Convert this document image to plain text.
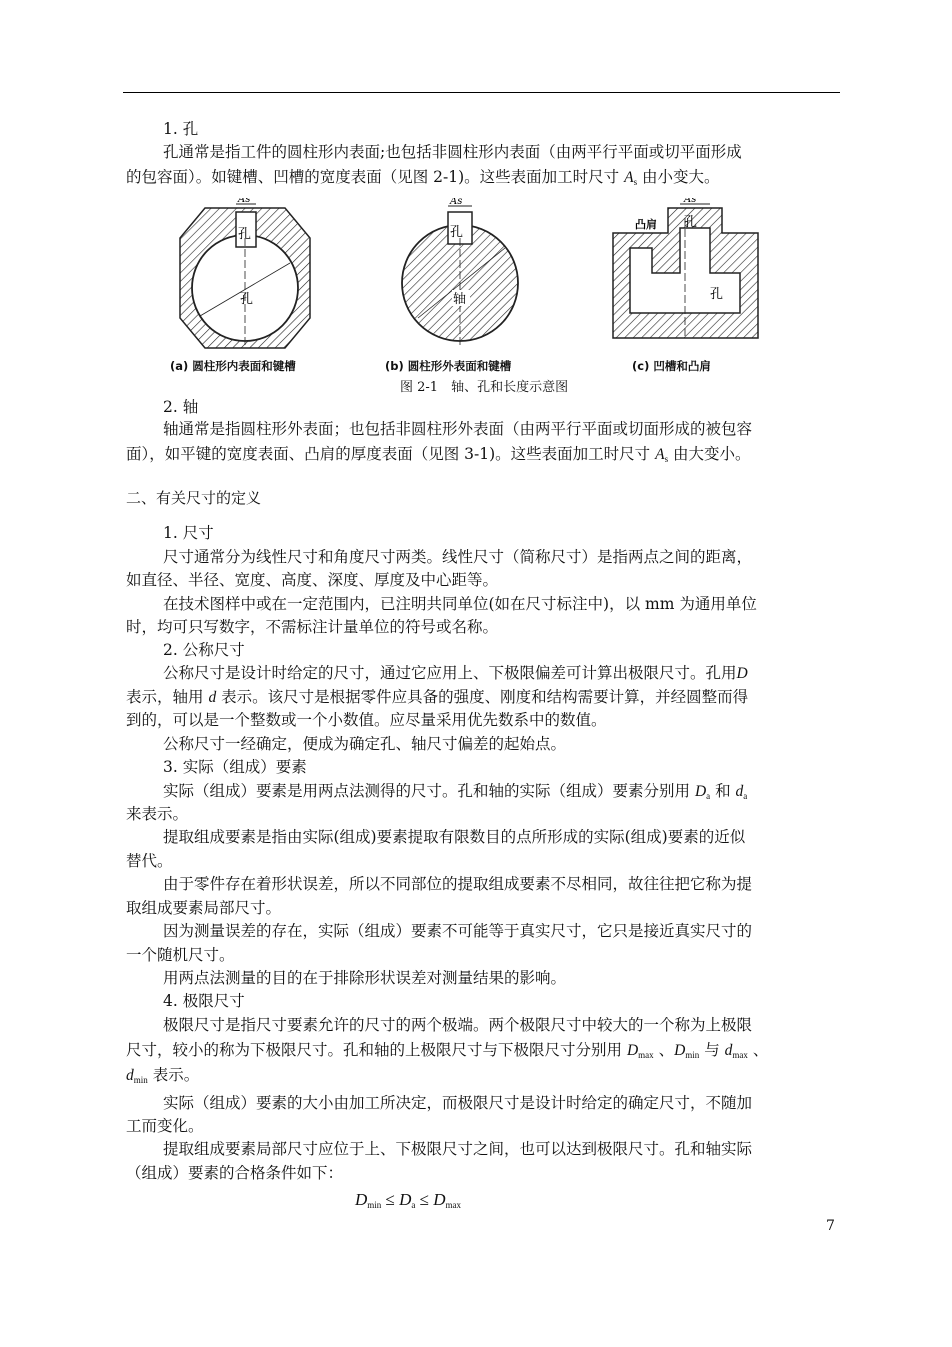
1. 孔
孔通常是指工件的圆柱形内表面;也包括非圆柱形内表面（由两平行平面或切平面形成
的包容面）。如键槽、凹槽的宽度表面（见图 2-1)。这些表面加工时尺寸 $A_s$ 由小变大。
As
孔
孔
As
孔
轴
As
孔
孔
凸肩
(a) 圆柱形内表面和键槽	(b) 圆柱形外表面和键槽	(c) 凹槽和凸肩
图 2-1　轴、孔和长度示意图
2. 轴
轴通常是指圆柱形外表面；也包括非圆柱形外表面（由两平行平面或切面形成的被包容
面），如平键的宽度表面、凸肩的厚度表面（见图 3-1)。这些表面加工时尺寸 $A_s$ 由大变小。
二、有关尺寸的定义
1. 尺寸
尺寸通常分为线性尺寸和角度尺寸两类。线性尺寸（简称尺寸）是指两点之间的距离，
如直径、半径、宽度、高度、深度、厚度及中心距等。
在技术图样中或在一定范围内，已注明共同单位(如在尺寸标注中)，以 mm 为通用单位
时，均可只写数字，不需标注计量单位的符号或名称。
2. 公称尺寸
公称尺寸是设计时给定的尺寸，通过它应用上、下极限偏差可计算出极限尺寸。孔用D
表示，轴用 d 表示。该尺寸是根据零件应具备的强度、刚度和结构需要计算，并经圆整而得
到的，可以是一个整数或一个小数值。应尽量采用优先数系中的数值。
公称尺寸一经确定，便成为确定孔、轴尺寸偏差的起始点。
3. 实际（组成）要素
实际（组成）要素是用两点法测得的尺寸。孔和轴的实际（组成）要素分别用 $D_a$ 和 $d_a$
来表示。
提取组成要素是指由实际(组成)要素提取有限数目的点所形成的实际(组成)要素的近似
替代。
由于零件存在着形状误差，所以不同部位的提取组成要素不尽相同，故往往把它称为提
取组成要素局部尺寸。
因为测量误差的存在，实际（组成）要素不可能等于真实尺寸，它只是接近真实尺寸的
一个随机尺寸。
用两点法测量的目的在于排除形状误差对测量结果的影响。
4. 极限尺寸
极限尺寸是指尺寸要素允许的尺寸的两个极端。两个极限尺寸中较大的一个称为上极限
尺寸，较小的称为下极限尺寸。孔和轴的上极限尺寸与下极限尺寸分别用 $D_{max}$ 、$D_{min}$ 与 $d_{max}$ 、
$d_{min}$ 表示。
实际（组成）要素的大小由加工所决定，而极限尺寸是设计时给定的确定尺寸，不随加
工而变化。
提取组成要素局部尺寸应位于上、下极限尺寸之间，也可以达到极限尺寸。孔和轴实际
（组成）要素的合格条件如下：
$D_{min} \le D_a \le D_{max}$
7
